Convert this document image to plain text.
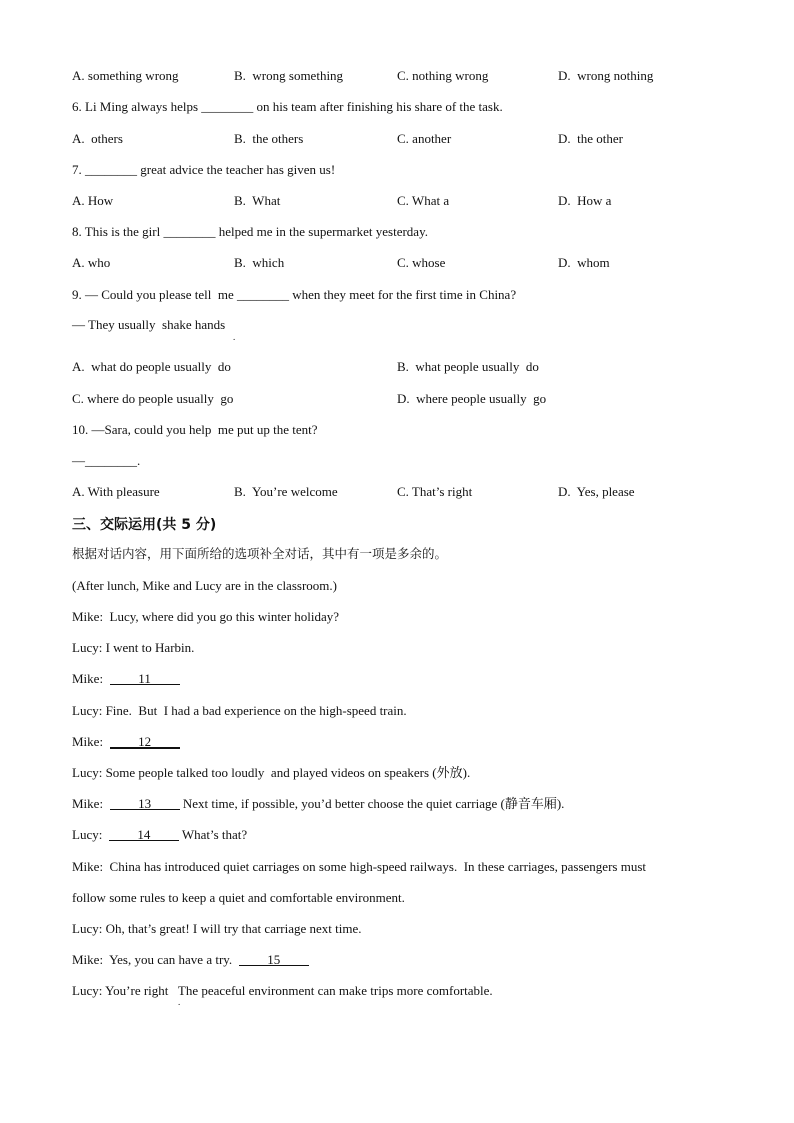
A. something wrong	B.  wrong something	C. nothing wrong	D.  wrong nothing
6. Li Ming always helps ________ on his team after finishing his share of the task.
A.  others	B.  the others	C. another	D.  the other
7. ________ great advice the teacher has given us!
A. How	B.  What	C. What a	D.  How a
8. This is the girl ________ helped me in the supermarket yesterday.
A. who	B.  which	C. whose	D.  whom
9. — Could you please tell  me ________ when they meet for the first time in China?
— They usually  shake hands
.
A.  what do people usually  do	B.  what people usually  do
C. where do people usually  go	D.  where people usually  go
10. —Sara, could you help  me put up the tent?
—________.
A. With pleasure	B.  You’re welcome	C. That’s right	D.  Yes, please
三、交际运用(共 5 分)
根据对话内容，用下面所给的选项补全对话，其中有一项是多余的。
(After lunch, Mike and Lucy are in the classroom.)
Mike:  Lucy, where did you go this winter holiday?
Lucy: I went to Harbin.
Mike:  11
Lucy: Fine.  But  I had a bad experience on the high-speed train.
Mike:  12
Lucy: Some people talked too loudly  and played videos on speakers (外放).
Mike:  13 Next time, if possible, you’d better choose the quiet carriage (静音车厢).
Lucy:  14 What’s that?
Mike:  China has introduced quiet carriages on some high-speed railways.  In these carriages, passengers must
follow some rules to keep a quiet and comfortable environment.
Lucy: Oh, that’s great! I will try that carriage next time.
Mike:  Yes, you can have a try.  15
Lucy: You’re right   The peaceful environment can make trips more comfortable.
.
